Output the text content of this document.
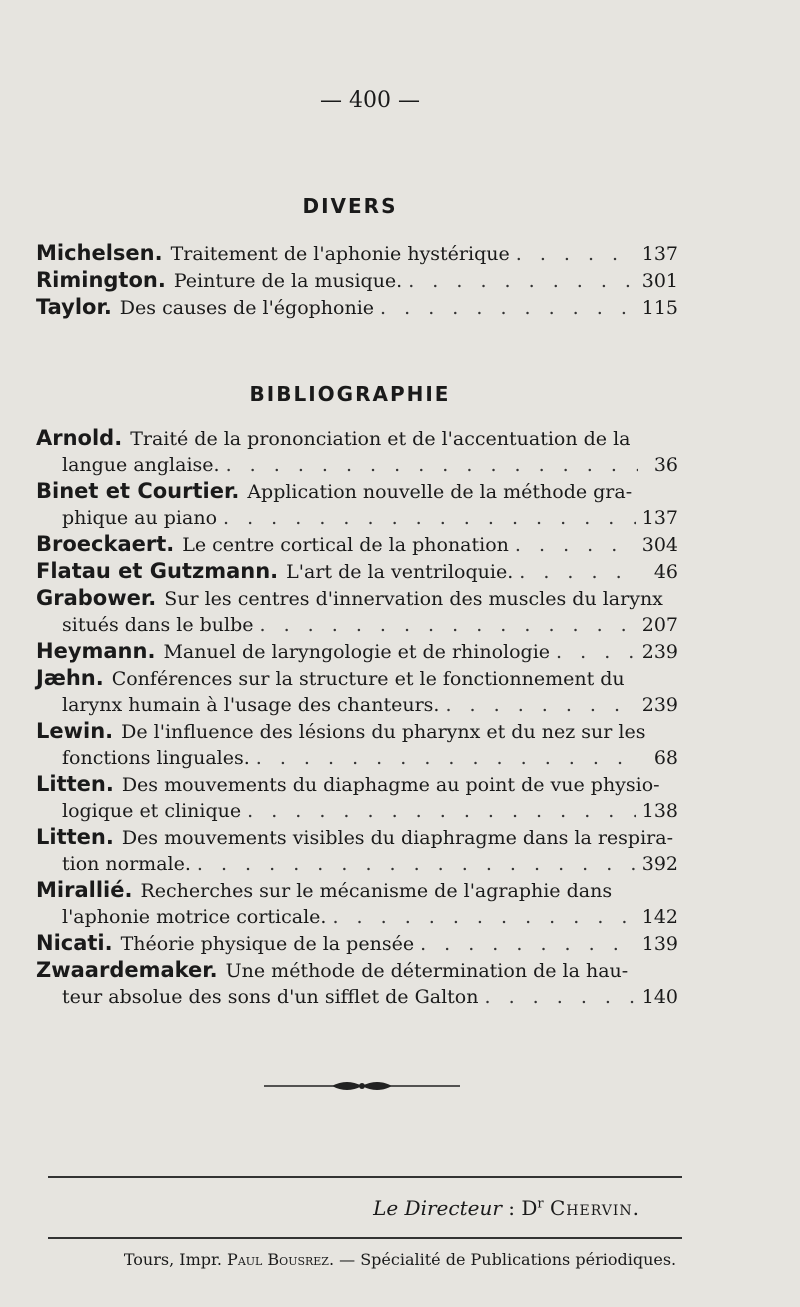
— 400 —
DIVERS
Michelsen. Traitement de l'aphonie hystérique . . .	137
Rimington. Peinture de la musique. . . .	301
Taylor. Des causes de l'égophonie . . .	115
BIBLIOGRAPHIE
Arnold. Traité de la prononciation et de l'accentuation de la
langue anglaise. . . .	36
Binet et Courtier. Application nouvelle de la méthode gra-
phique au piano . . .	137
Broeckaert. Le centre cortical de la phonation . . .	304
Flatau et Gutzmann. L'art de la ventriloquie. . . .	46
Grabower. Sur les centres d'innervation des muscles du larynx
situés dans le bulbe . . .	207
Heymann. Manuel de laryngologie et de rhinologie . . .	239
Jæhn. Conférences sur la structure et le fonctionnement du
larynx humain à l'usage des chanteurs. . . .	239
Lewin. De l'influence des lésions du pharynx et du nez sur les
fonctions linguales. . . .	68
Litten. Des mouvements du diaphagme au point de vue physio-
logique et clinique . . .	138
Litten. Des mouvements visibles du diaphragme dans la respira-
tion normale. . . .	392
Mirallié. Recherches sur le mécanisme de l'agraphie dans
l'aphonie motrice corticale. . . .	142
Nicati. Théorie physique de la pensée . . .	139
Zwaardemaker. Une méthode de détermination de la hau-
teur absolue des sons d'un sifflet de Galton . . .	140
Le Directeur : $D^r$ Chervin.
Tours, Impr. Paul Bousrez. — Spécialité de Publications périodiques.
